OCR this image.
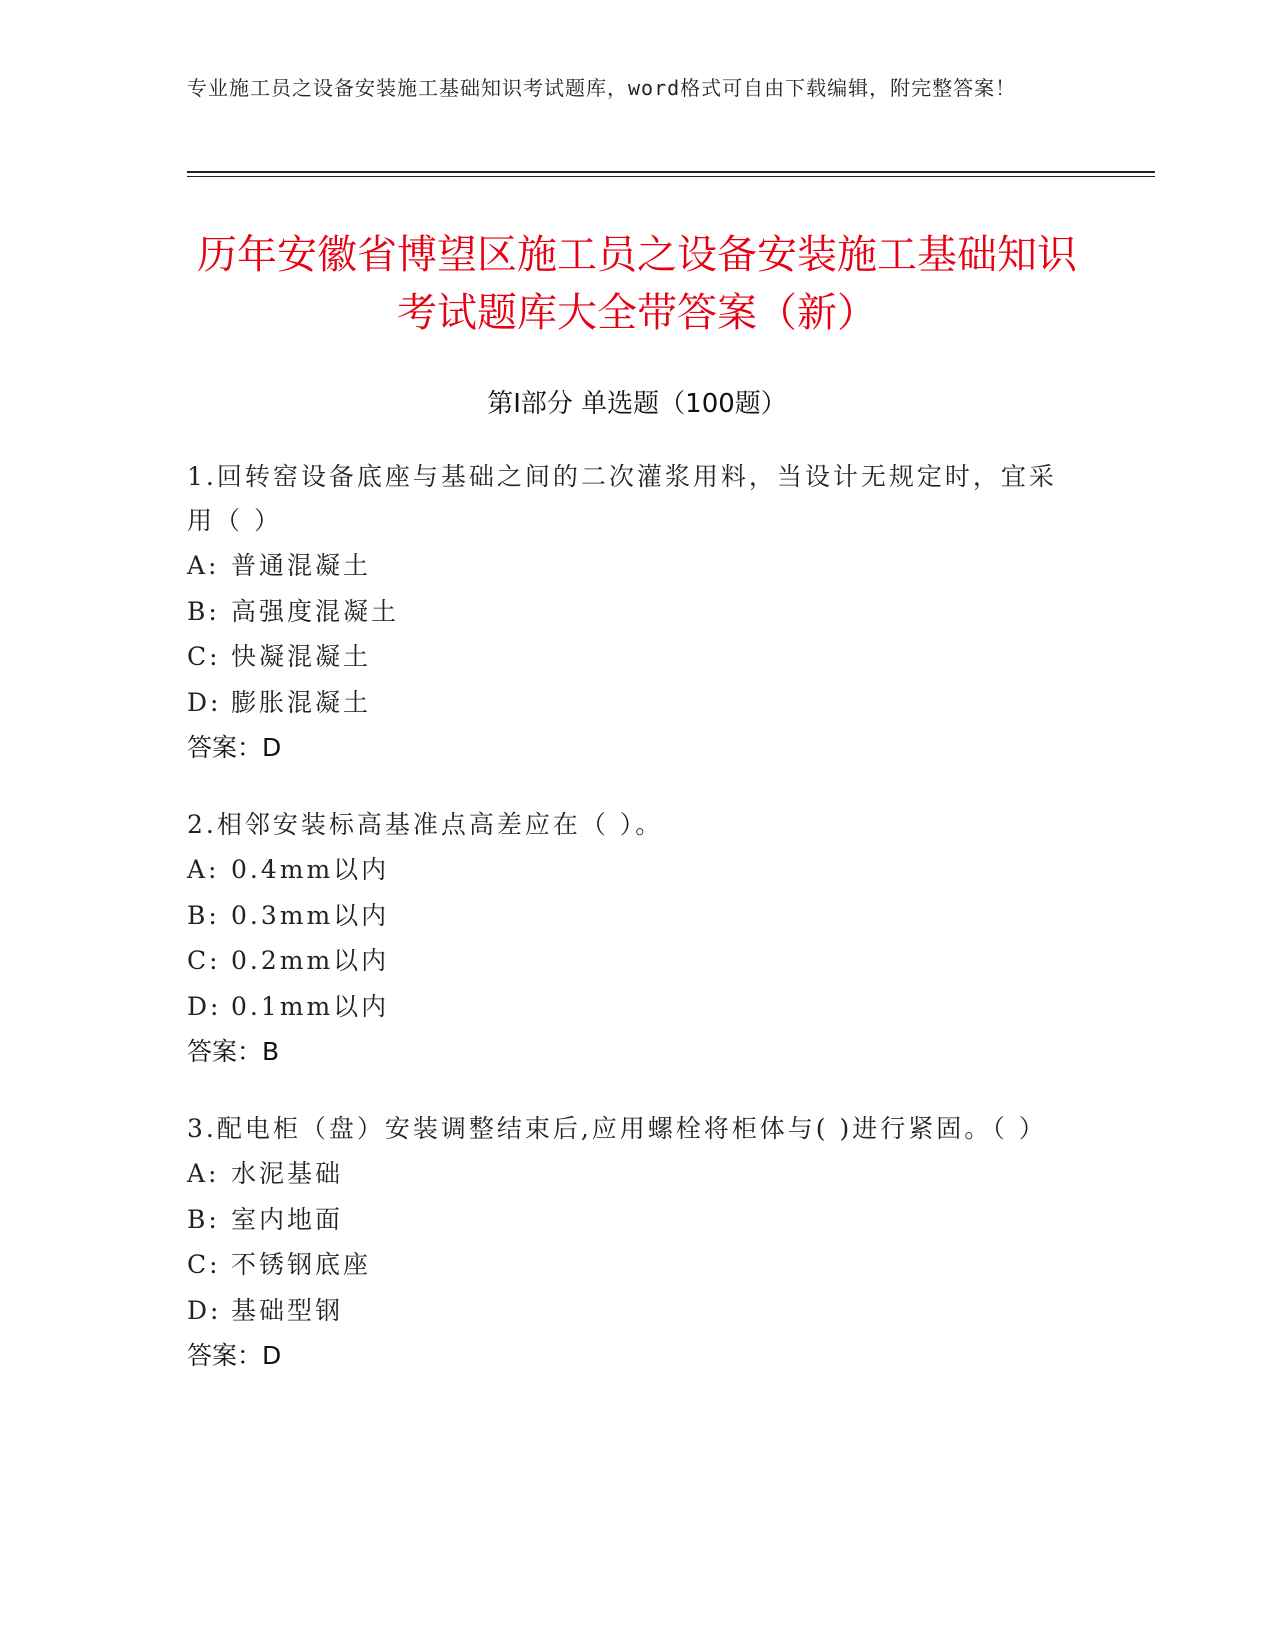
专业施工员之设备安装施工基础知识考试题库，word格式可自由下载编辑，附完整答案！

历年安徽省博望区施工员之设备安装施工基础知识考试题库大全带答案（新）
第Ⅰ部分 单选题（100题）

1.回转窑设备底座与基础之间的二次灌浆用料，当设计无规定时，宜采用（ ）

A: 普通混凝土

B: 高强度混凝土

C: 快凝混凝土

D: 膨胀混凝土

答案：D

2.相邻安装标高基准点高差应在（ ）。

A: 0.4mm以内

B: 0.3mm以内

C: 0.2mm以内

D: 0.1mm以内

答案：B

3.配电柜（盘）安装调整结束后,应用螺栓将柜体与( )进行紧固。（ ）

A: 水泥基础

B: 室内地面

C: 不锈钢底座

D: 基础型钢

答案：D
